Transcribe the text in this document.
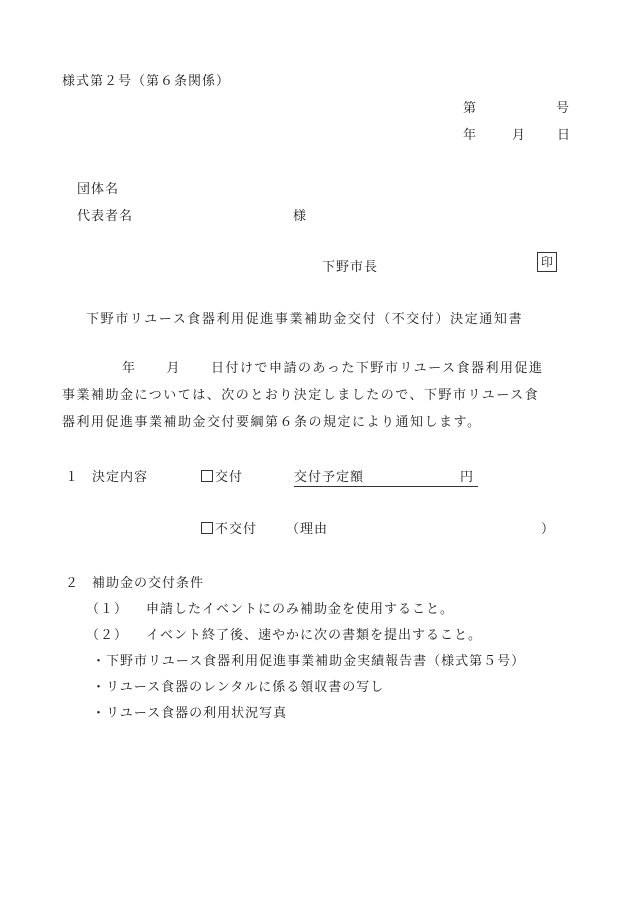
様式第２号（第６条関係）
第	号
年	月 日
団体名
代表者名	様
下野市長	印
下野市リユース食器利用促進事業補助金交付（不交付）決定通知書
年 月 日付けで申請のあった下野市リユース食器利用促進
事業補助金については、次のとおり決定しましたので、下野市リユース食
器利用促進事業補助金交付要綱第６条の規定により通知します。
１ 決定内容	交付	交付予定額	円
不交付 （理由	）
２ 補助金の交付条件
（１） 申請したイベントにのみ補助金を使用すること。
（２） イベント終了後、速やかに次の書類を提出すること。
・下野市リユース食器利用促進事業補助金実績報告書（様式第５号）
・リユース食器のレンタルに係る領収書の写し
・リユース食器の利用状況写真
